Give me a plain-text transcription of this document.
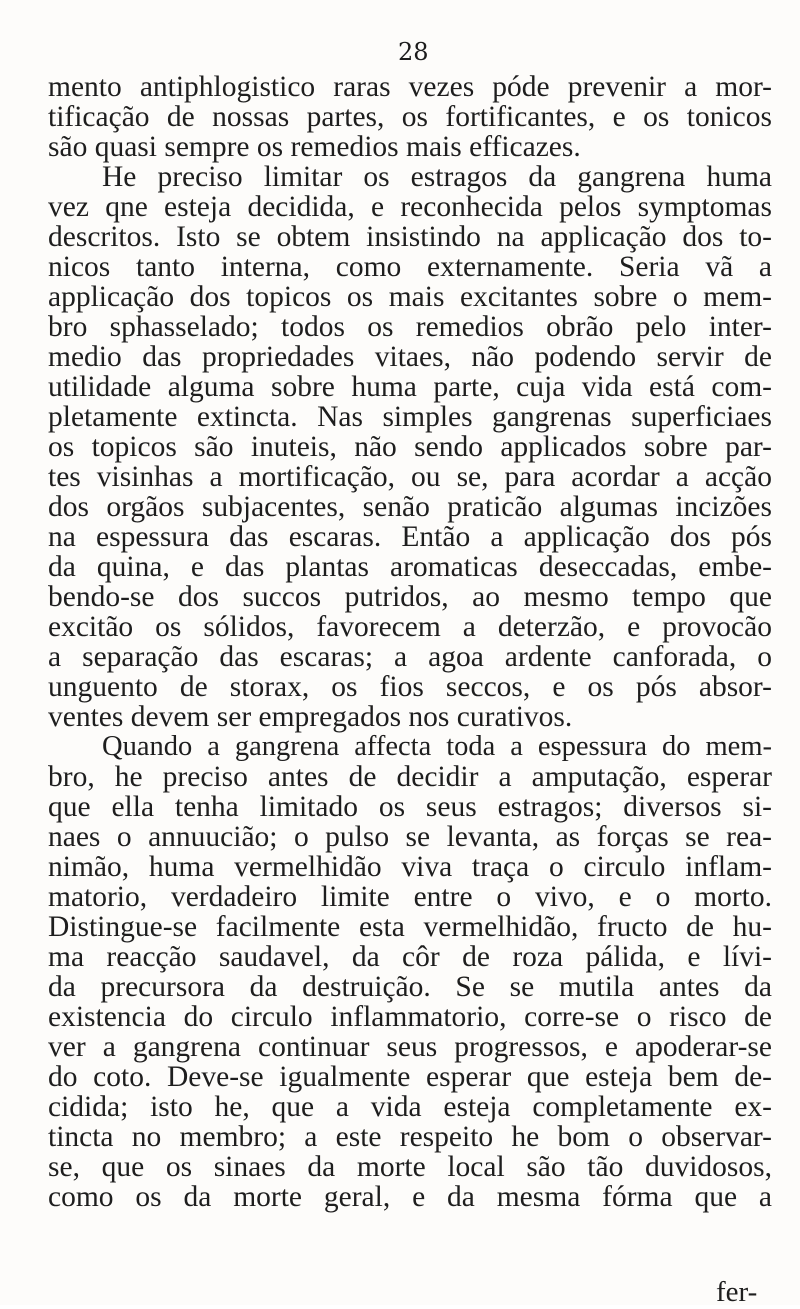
28
mento antiphlogistico raras vezes póde prevenir a mor-
tificação de nossas partes, os fortificantes, e os tonicos
são quasi sempre os remedios mais efficazes.
He preciso limitar os estragos da gangrena huma
vez qne esteja decidida, e reconhecida pelos symptomas
descritos. Isto se obtem insistindo na applicação dos to-
nicos tanto interna, como externamente. Seria vã a
applicação dos topicos os mais excitantes sobre o mem-
bro sphasselado; todos os remedios obrão pelo inter-
medio das propriedades vitaes, não podendo servir de
utilidade alguma sobre huma parte, cuja vida está com-
pletamente extincta. Nas simples gangrenas superficiaes
os topicos são inuteis, não sendo applicados sobre par-
tes visinhas a mortificação, ou se, para acordar a acção
dos orgãos subjacentes, senão praticão algumas incizões
na espessura das escaras. Então a applicação dos pós
da quina, e das plantas aromaticas deseccadas, embe-
bendo-se dos succos putridos, ao mesmo tempo que
excitão os sólidos, favorecem a deterzão, e provocão
a separação das escaras; a agoa ardente canforada, o
unguento de storax, os fios seccos, e os pós absor-
ventes devem ser empregados nos curativos.
Quando a gangrena affecta toda a espessura do mem-
bro, he preciso antes de decidir a amputação, esperar
que ella tenha limitado os seus estragos; diversos si-
naes o annuucião; o pulso se levanta, as forças se rea-
nimão, huma vermelhidão viva traça o circulo inflam-
matorio, verdadeiro limite entre o vivo, e o morto.
Distingue-se facilmente esta vermelhidão, fructo de hu-
ma reacção saudavel, da côr de roza pálida, e lívi-
da precursora da destruição. Se se mutila antes da
existencia do circulo inflammatorio, corre-se o risco de
ver a gangrena continuar seus progressos, e apoderar-se
do coto. Deve-se igualmente esperar que esteja bem de-
cidida; isto he, que a vida esteja completamente ex-
tincta no membro; a este respeito he bom o observar-
se, que os sinaes da morte local são tão duvidosos,
como os da morte geral, e da mesma fórma que a
fer-
